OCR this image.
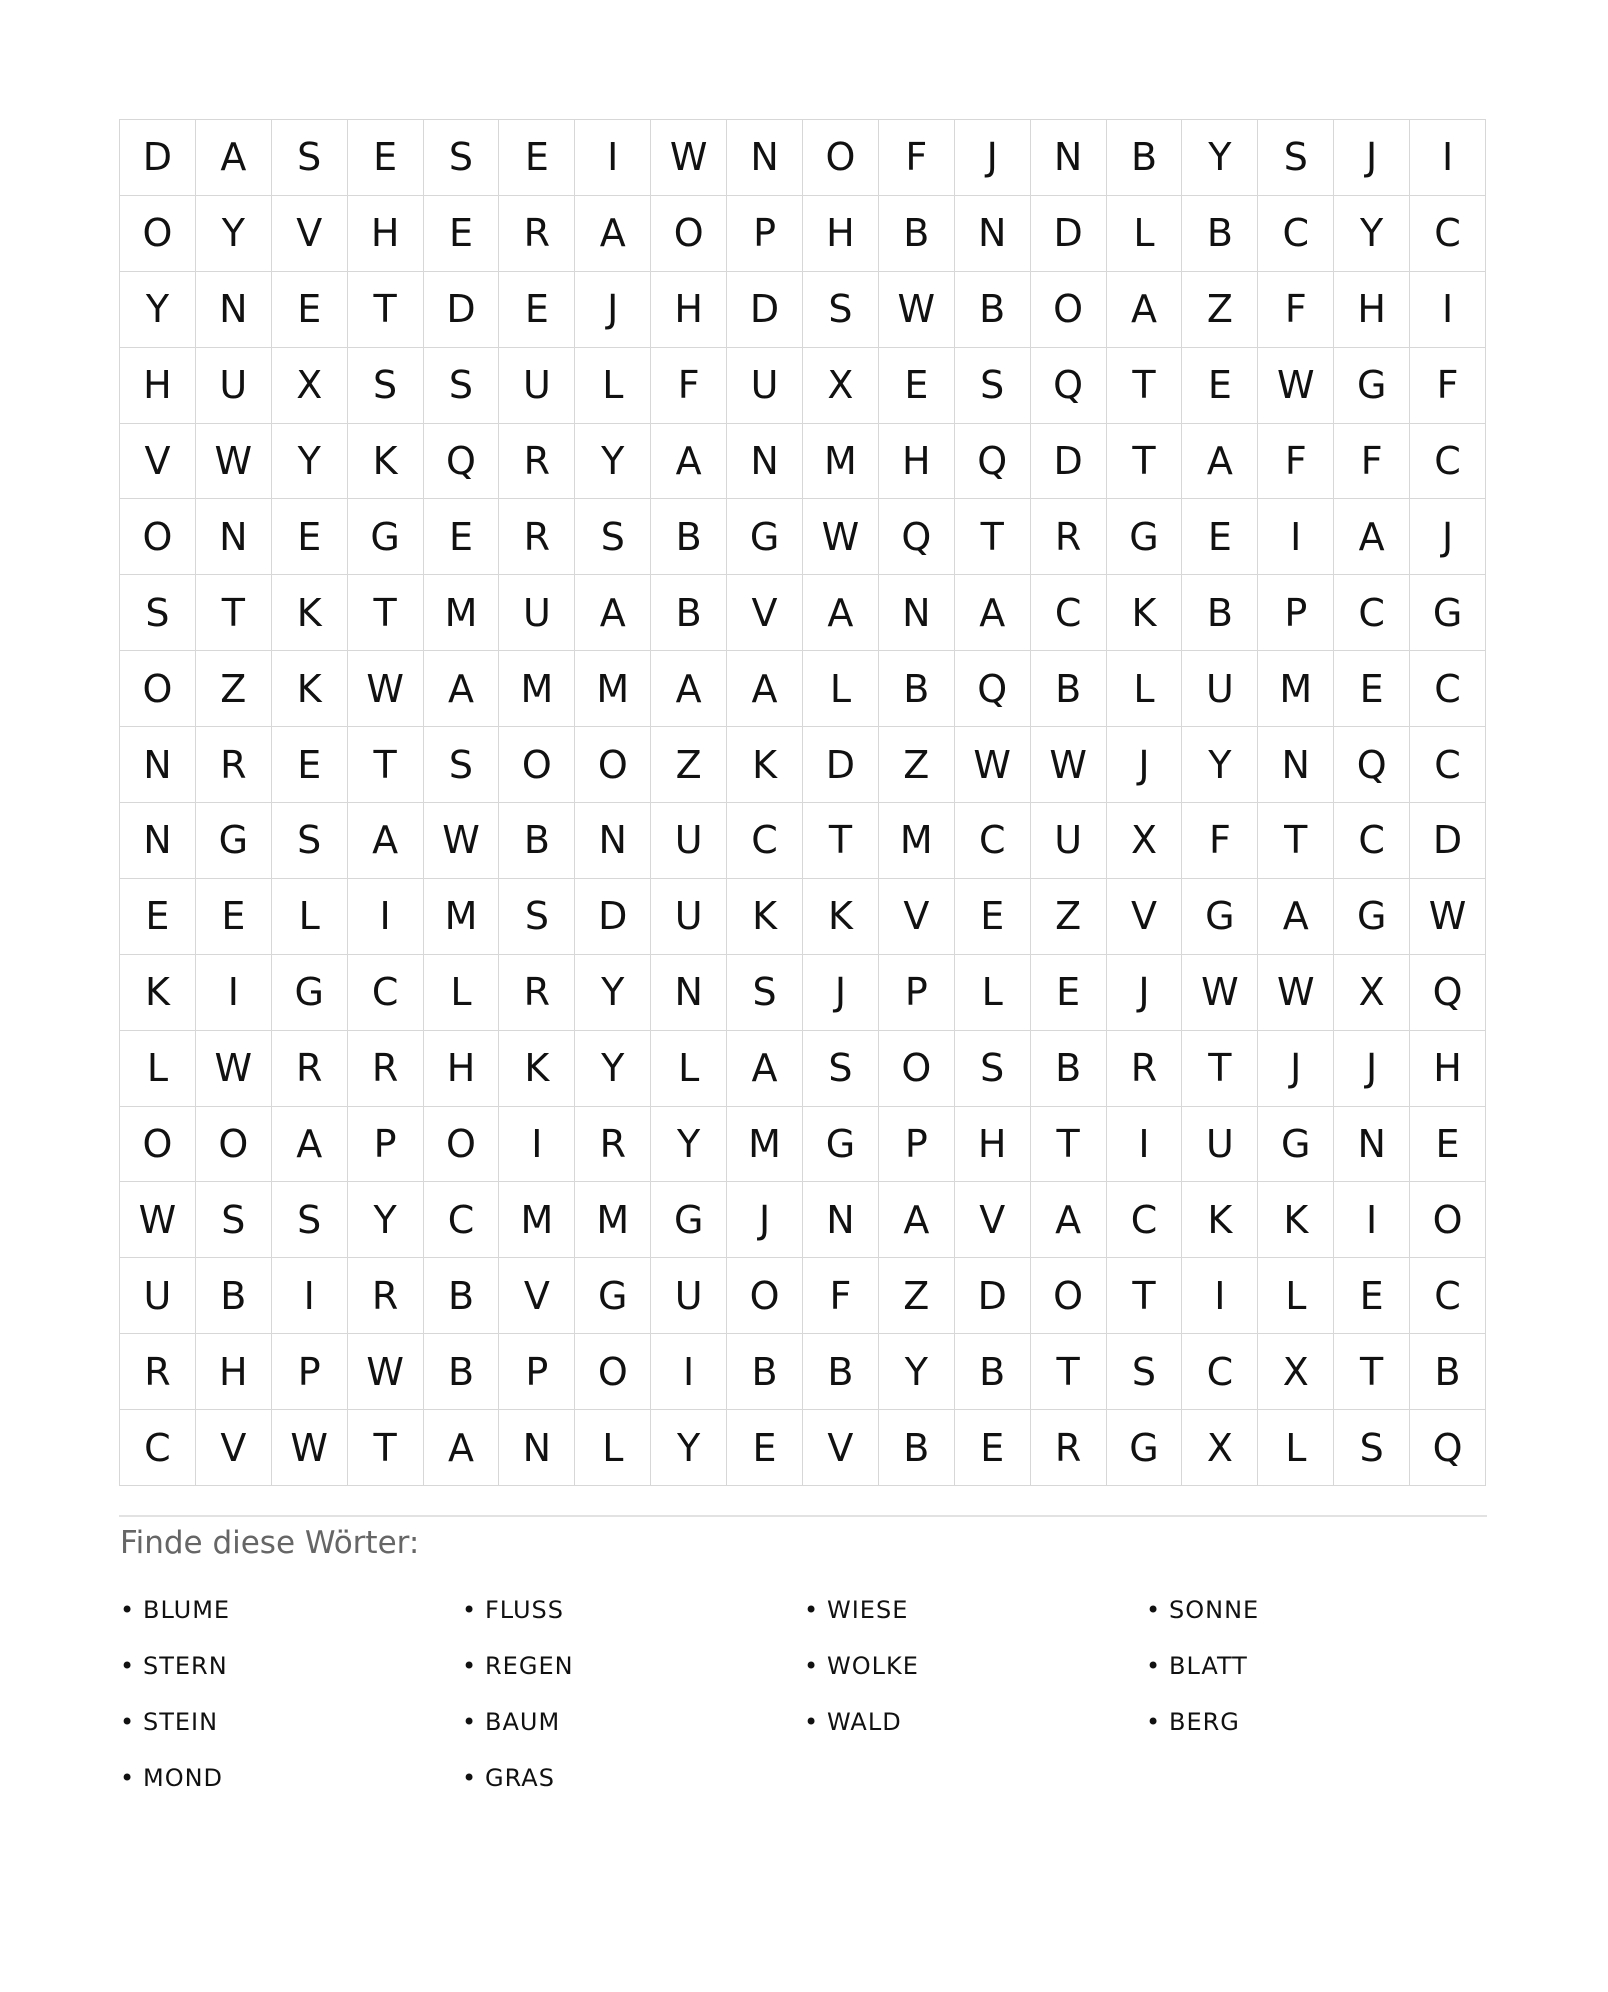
D	A	S	E	S	E	I	W	N	O	F	J	N	B	Y	S	J	I
O	Y	V	H	E	R	A	O	P	H	B	N	D	L	B	C	Y	C
Y	N	E	T	D	E	J	H	D	S	W	B	O	A	Z	F	H	I
H	U	X	S	S	U	L	F	U	X	E	S	Q	T	E	W	G	F
V	W	Y	K	Q	R	Y	A	N	M	H	Q	D	T	A	F	F	C
O	N	E	G	E	R	S	B	G	W	Q	T	R	G	E	I	A	J
S	T	K	T	M	U	A	B	V	A	N	A	C	K	B	P	C	G
O	Z	K	W	A	M	M	A	A	L	B	Q	B	L	U	M	E	C
N	R	E	T	S	O	O	Z	K	D	Z	W	W	J	Y	N	Q	C
N	G	S	A	W	B	N	U	C	T	M	C	U	X	F	T	C	D
E	E	L	I	M	S	D	U	K	K	V	E	Z	V	G	A	G	W
K	I	G	C	L	R	Y	N	S	J	P	L	E	J	W	W	X	Q
L	W	R	R	H	K	Y	L	A	S	O	S	B	R	T	J	J	H
O	O	A	P	O	I	R	Y	M	G	P	H	T	I	U	G	N	E
W	S	S	Y	C	M	M	G	J	N	A	V	A	C	K	K	I	O
U	B	I	R	B	V	G	U	O	F	Z	D	O	T	I	L	E	C
R	H	P	W	B	P	O	I	B	B	Y	B	T	S	C	X	T	B
C	V	W	T	A	N	L	Y	E	V	B	E	R	G	X	L	S	Q
Finde diese Wörter:
• BLUME	• FLUSS	• WIESE	• SONNE
• STERN	• REGEN	• WOLKE	• BLATT
• STEIN	• BAUM	• WALD	• BERG
• MOND	• GRAS
